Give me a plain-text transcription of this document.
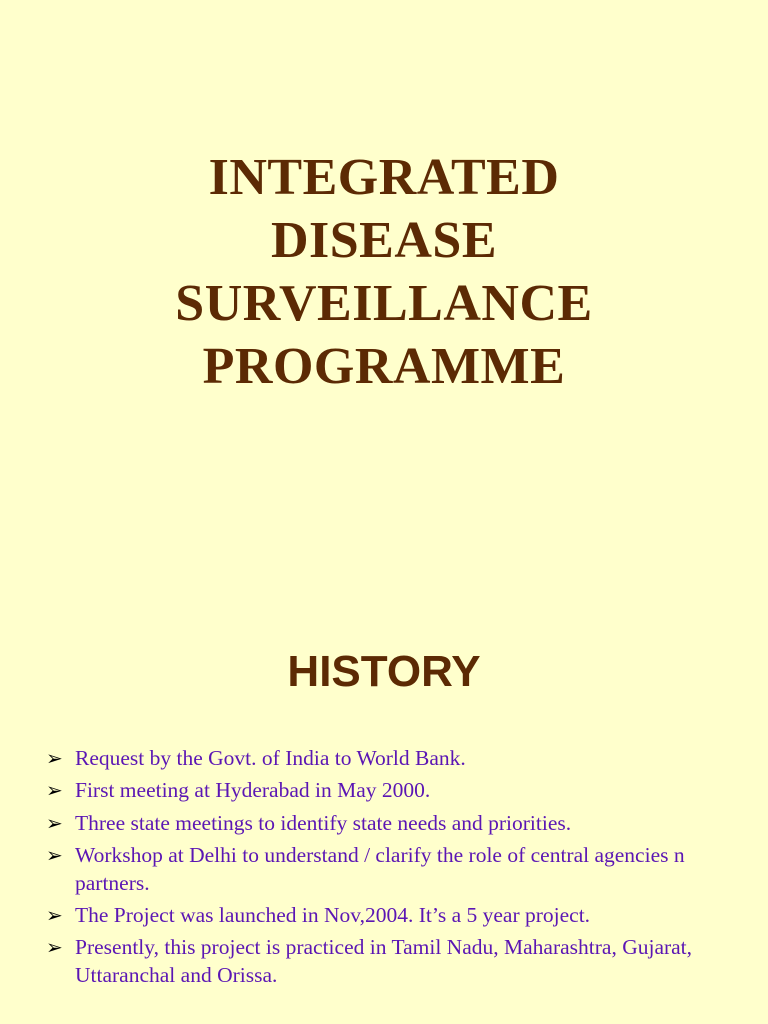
INTEGRATED
DISEASE
SURVEILLANCE
PROGRAMME
HISTORY
➢ Request by the Govt. of India to World Bank.
➢ First meeting at Hyderabad in May 2000.
➢ Three state meetings to identify state needs and priorities.
➢ Workshop at Delhi to understand / clarify the role of central agencies n partners.
➢ The Project was launched in Nov,2004. It’s a 5 year project.
➢ Presently, this project is practiced in Tamil Nadu, Maharashtra, Gujarat, Uttaranchal and Orissa.
